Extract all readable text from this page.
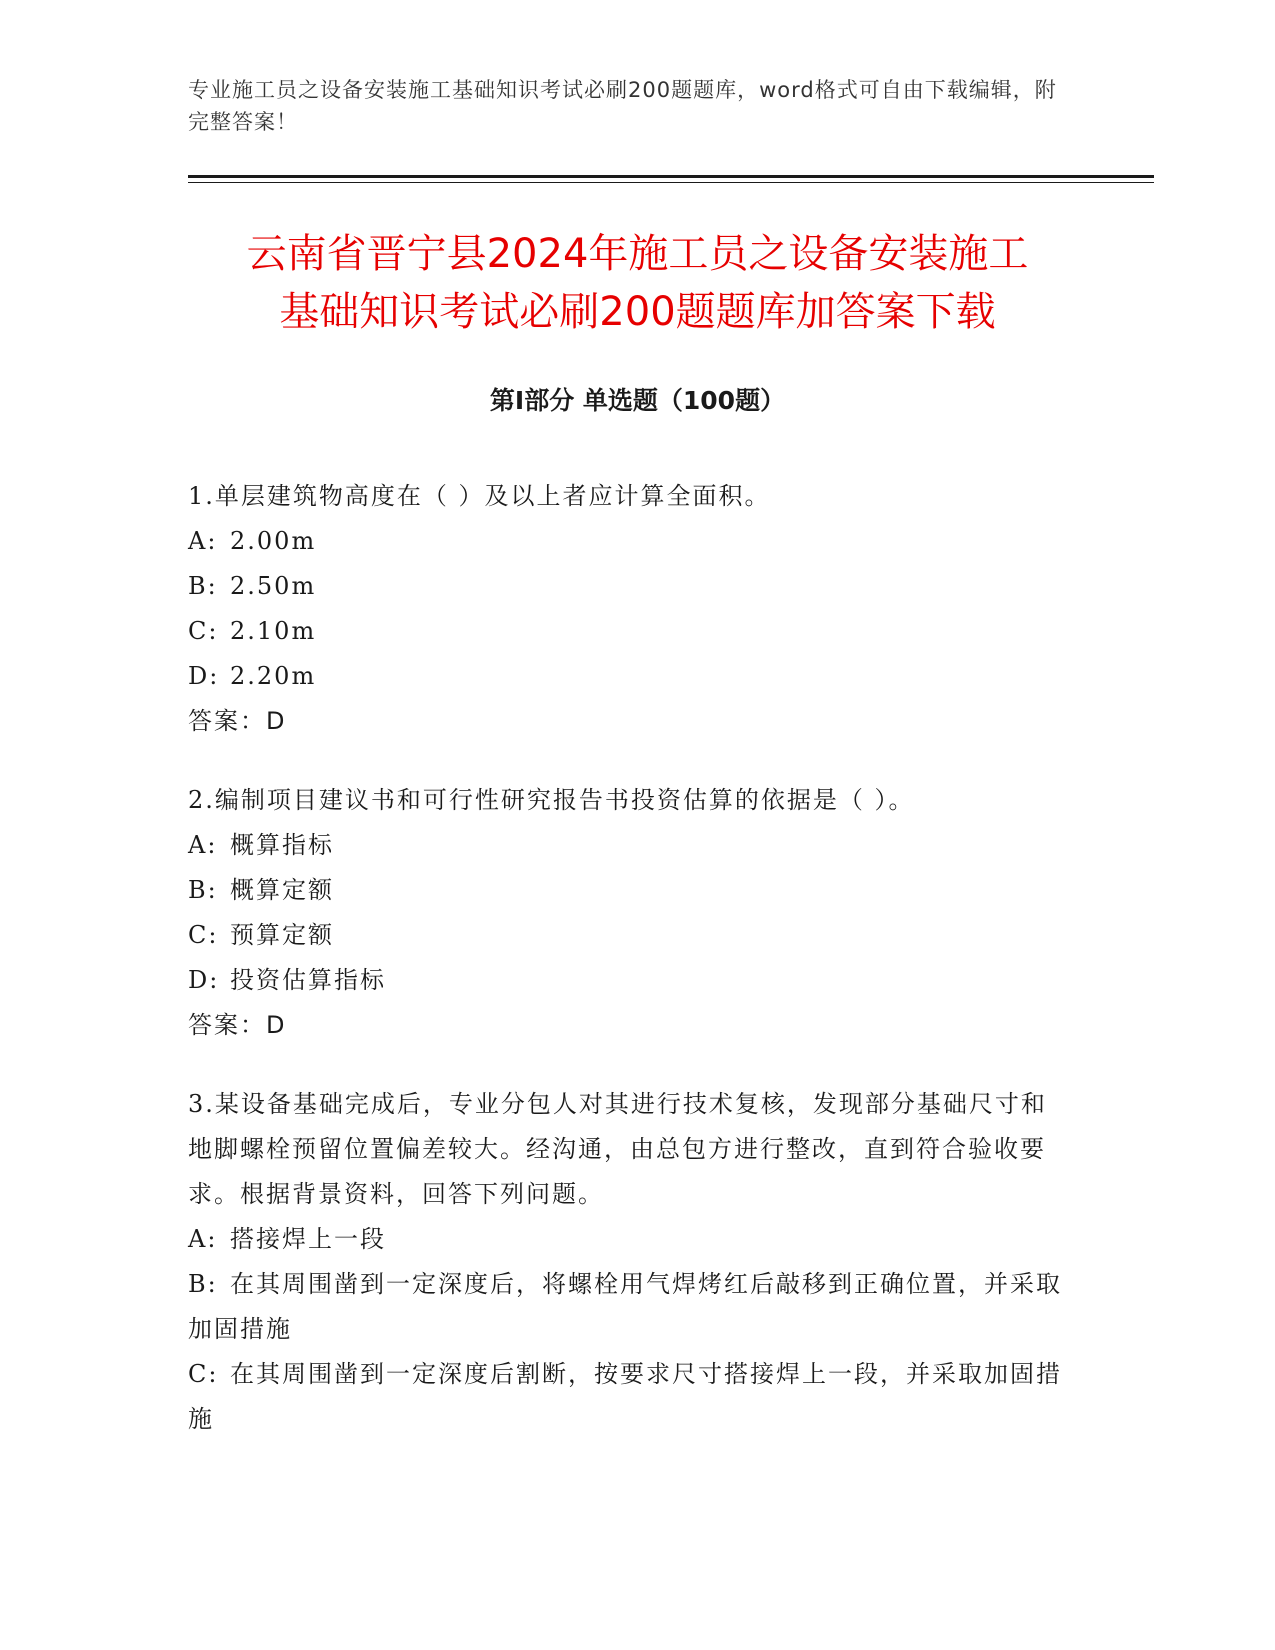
专业施工员之设备安装施工基础知识考试必刷200题题库，word格式可自由下载编辑，附完整答案！
云南省晋宁县2024年施工员之设备安装施工
基础知识考试必刷200题题库加答案下载
第Ⅰ部分 单选题（100题）

1.单层建筑物高度在（ ）及以上者应计算全面积。

A: 2.00m

B: 2.50m

C: 2.10m

D: 2.20m

答案：D

2.编制项目建议书和可行性研究报告书投资估算的依据是（ ）。

A: 概算指标

B: 概算定额

C: 预算定额

D: 投资估算指标

答案：D

3.某设备基础完成后，专业分包人对其进行技术复核，发现部分基础尺寸和地脚螺栓预留位置偏差较大。经沟通，由总包方进行整改，直到符合验收要求。根据背景资料，回答下列问题。

A: 搭接焊上一段

B: 在其周围凿到一定深度后，将螺栓用气焊烤红后敲移到正确位置，并采取加固措施

C: 在其周围凿到一定深度后割断，按要求尺寸搭接焊上一段，并采取加固措施
